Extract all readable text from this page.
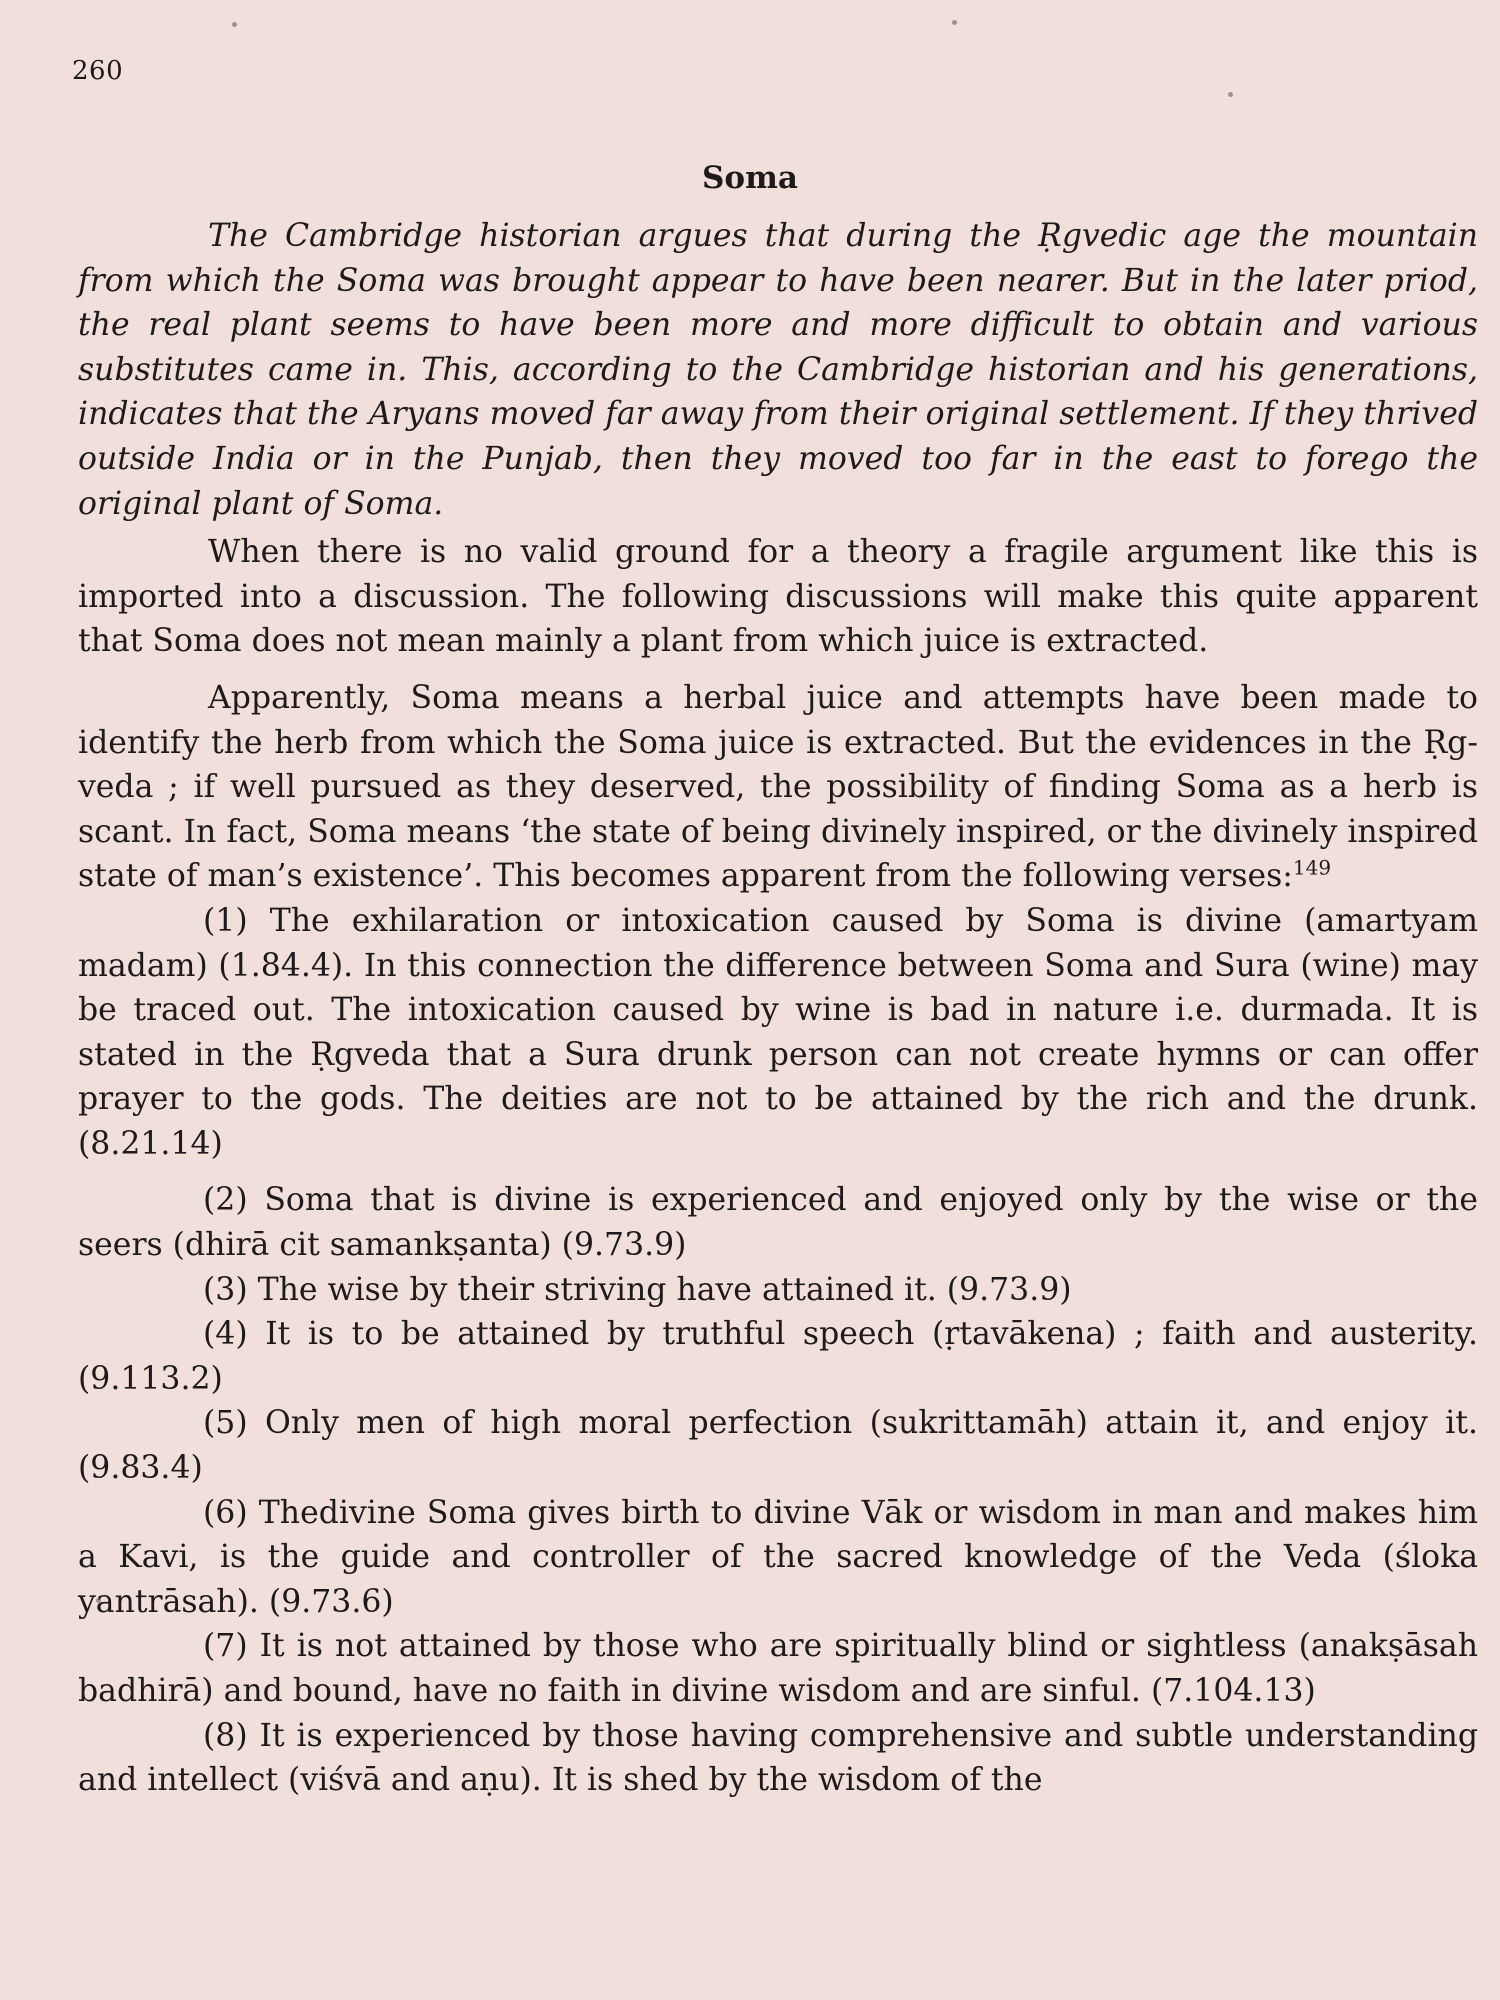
260
Soma

The Cambridge historian argues that during the Ṛgvedic age the mountain from which the Soma was brought appear to have been nearer. But in the later priod, the real plant seems to have been more and more difficult to obtain and various substitutes came in. This, according to the Cambridge historian and his generations, indicates that the Aryans moved far away from their original settlement. If they thrived outside India or in the Punjab, then they moved too far in the east to forego the original plant of Soma.

When there is no valid ground for a theory a fragile argument like this is imported into a discussion. The following discussions will make this quite apparent that Soma does not mean mainly a plant from which juice is extracted.

Apparently, Soma means a herbal juice and attempts have been made to identify the herb from which the Soma juice is extracted. But the evidences in the Ṛg-veda ; if well pursued as they deserved, the possibility of finding Soma as a herb is scant. In fact, Soma means ‘the state of being divinely inspired, or the divinely inspired state of man’s existence’. This becomes apparent from the following verses:$^{149}$

(1) The exhilaration or intoxication caused by Soma is divine (amartyam madam) (1.84.4). In this connection the difference between Soma and Sura (wine) may be traced out. The intoxication caused by wine is bad in nature i.e. durmada. It is stated in the Ṛgveda that a Sura drunk person can not create hymns or can offer prayer to the gods. The deities are not to be attained by the rich and the drunk. (8.21.14)

(2) Soma that is divine is experienced and enjoyed only by the wise or the seers (dhirā cit samankṣanta) (9.73.9)

(3) The wise by their striving have attained it. (9.73.9)

(4) It is to be attained by truthful speech (ṛtavākena) ; faith and austerity. (9.113.2)

(5) Only men of high moral perfection (sukrittamāh) attain it, and enjoy it. (9.83.4)

(6) Thedivine Soma gives birth to divine Vāk or wisdom in man and makes him a Kavi, is the guide and controller of the sacred knowledge of the Veda (śloka yantrāsah). (9.73.6)

(7) It is not attained by those who are spiritually blind or sightless (anakṣāsah badhirā) and bound, have no faith in divine wisdom and are sinful. (7.104.13)

(8) It is experienced by those having comprehensive and subtle understanding and intellect (viśvā and aṇu). It is shed by the wisdom of the
